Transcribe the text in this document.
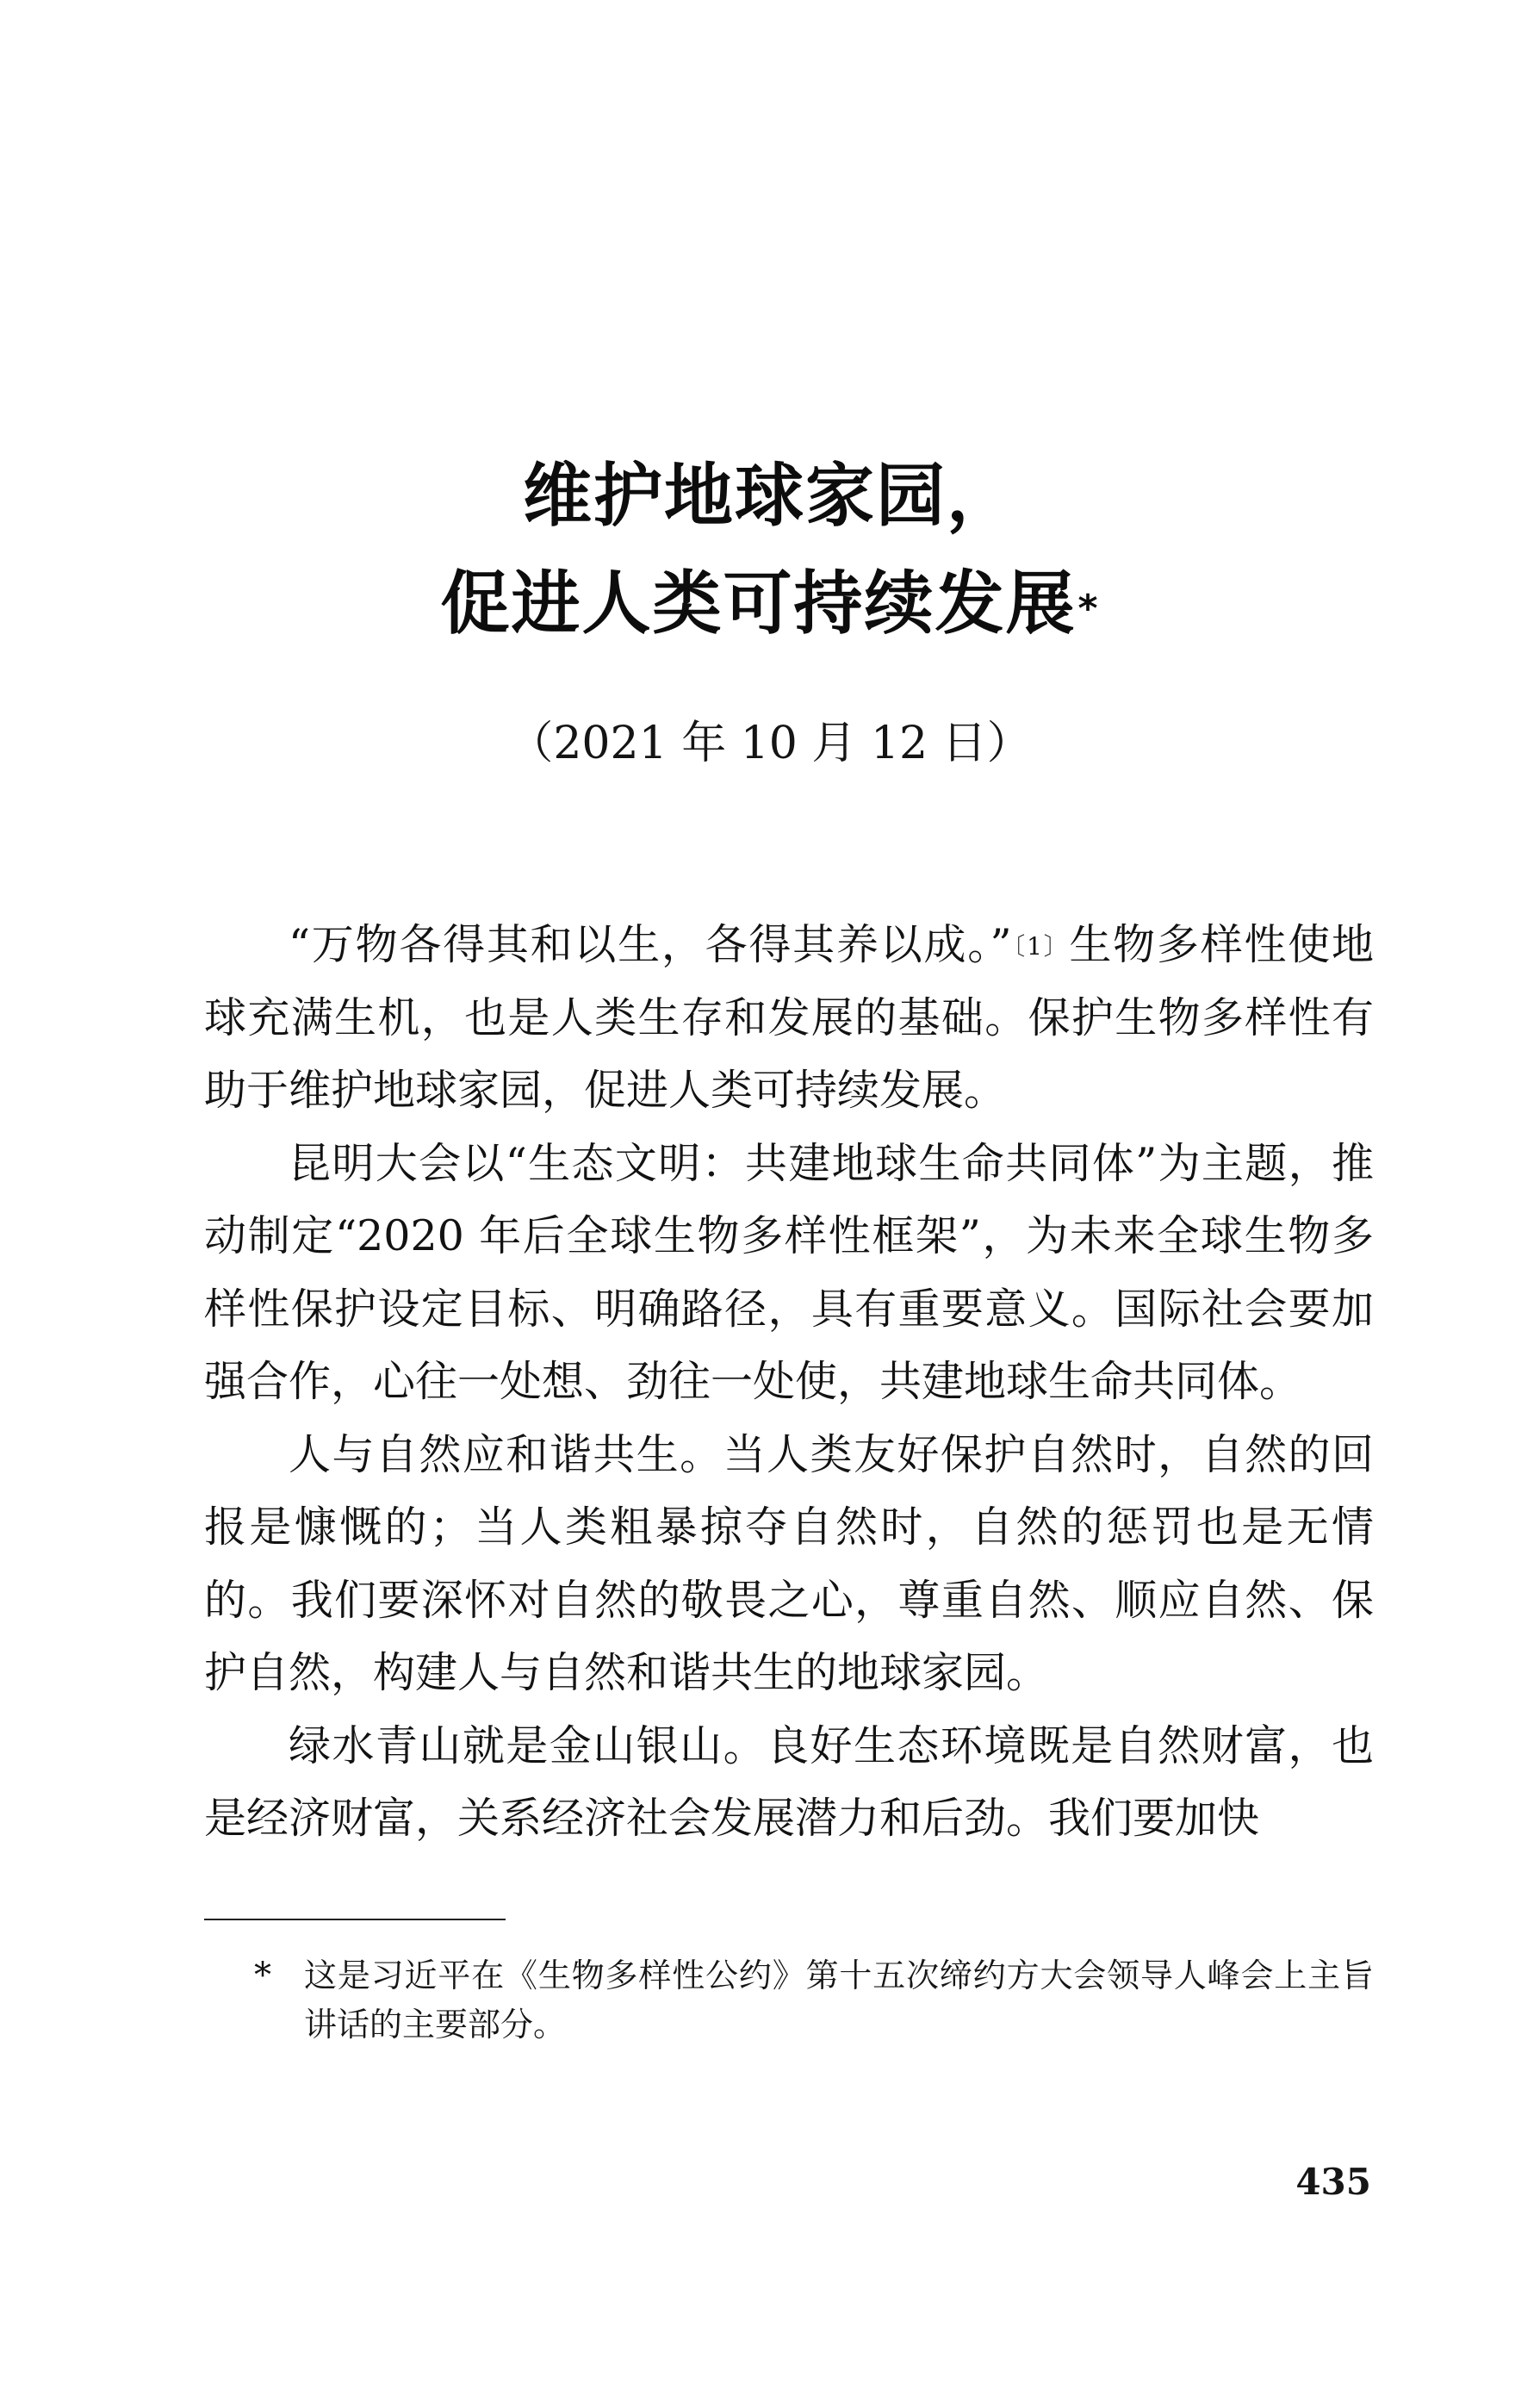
维护地球家园，
促进人类可持续发展*
（2021 年 10 月 12 日）

“万物各得其和以生，各得其养以成。”$^{〔1〕}$生物多样性使地球充满生机，也是人类生存和发展的基础。保护生物多样性有助于维护地球家园，促进人类可持续发展。

昆明大会以“生态文明：共建地球生命共同体”为主题，推动制定“2020 年后全球生物多样性框架”，为未来全球生物多样性保护设定目标、明确路径，具有重要意义。国际社会要加强合作，心往一处想、劲往一处使，共建地球生命共同体。

人与自然应和谐共生。当人类友好保护自然时，自然的回报是慷慨的；当人类粗暴掠夺自然时，自然的惩罚也是无情的。我们要深怀对自然的敬畏之心，尊重自然、顺应自然、保护自然，构建人与自然和谐共生的地球家园。

绿水青山就是金山银山。良好生态环境既是自然财富，也是经济财富，关系经济社会发展潜力和后劲。我们要加快

* 这是习近平在《生物多样性公约》第十五次缔约方大会领导人峰会上主旨讲话的主要部分。
435
